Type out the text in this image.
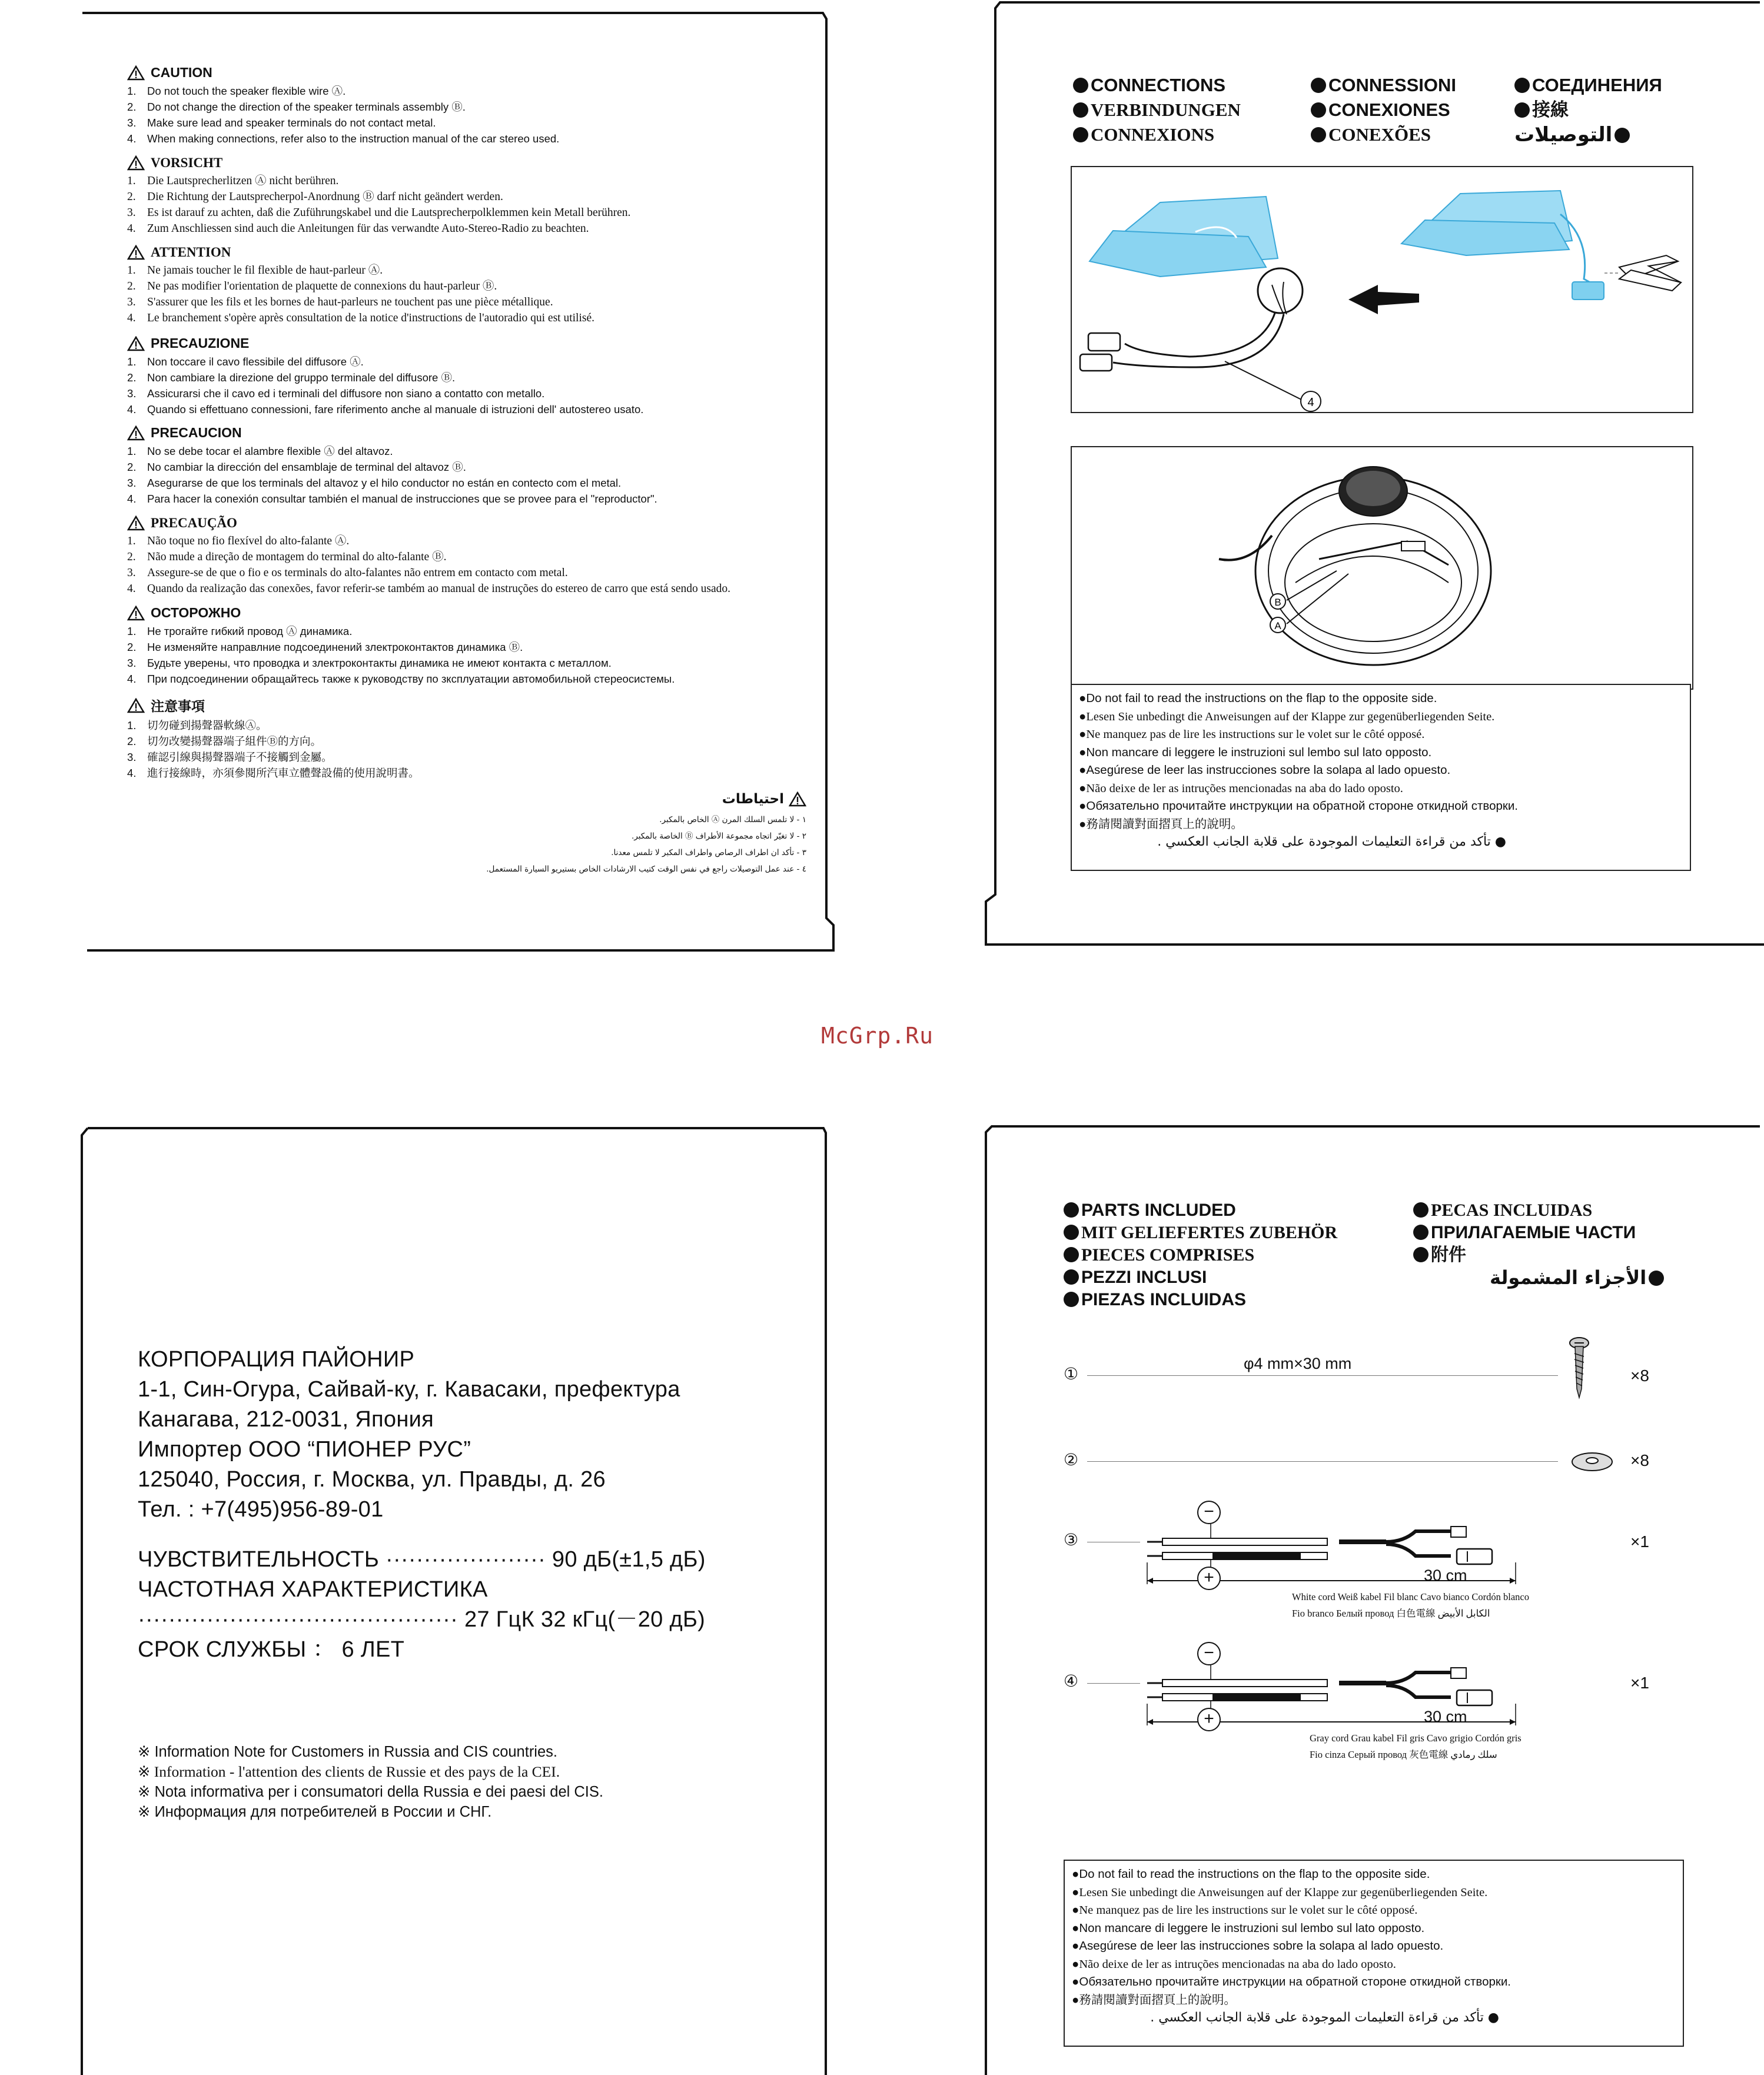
McGrp.Ru
CAUTION
1.	Do not touch the speaker flexible wire Ⓐ.
2.	Do not change the direction of the speaker terminals assembly Ⓑ.
3.	Make sure lead and speaker terminals do not contact metal.
4.	When making connections, refer also to the instruction manual of the car stereo used.
VORSICHT
1. Die Lautsprecherlitzen Ⓐ nicht berühren.
2. Die Richtung der Lautsprecherpol-Anordnung Ⓑ darf nicht geändert werden.
3. Es ist darauf zu achten, daß die Zuführungskabel und die Lautsprecherpolklemmen kein Metall berühren.
4. Zum Anschliessen sind auch die Anleitungen für das verwandte Auto-Stereo-Radio zu beachten.
ATTENTION
1. Ne jamais toucher le fil flexible de haut-parleur Ⓐ.
2. Ne pas modifier l'orientation de plaquette de connexions du haut-parleur Ⓑ.
3. S'assurer que les fils et les bornes de haut-parleurs ne touchent pas une pièce métallique.
4. Le branchement s'opère après consultation de la notice d'instructions de l'autoradio qui est utilisé.
PRECAUZIONE
1.	Non toccare il cavo flessibile del diffusore Ⓐ.
2.	Non cambiare la direzione del gruppo terminale del diffusore Ⓑ.
3.	Assicurarsi che il cavo ed i terminali del diffusore non siano a contatto con metallo.
4.	Quando si effettuano connessioni, fare riferimento anche al manuale di istruzioni dell' autostereo usato.
PRECAUCION
1.	No se debe tocar el alambre flexible Ⓐ del altavoz.
2.	No cambiar la dirección del ensamblaje de terminal del altavoz Ⓑ.
3.	Asegurarse de que los terminals del altavoz y el hilo conductor no están en contecto com el metal.
4.	Para hacer la conexión consultar también el manual de instrucciones que se provee para el "reproductor".
PRECAUÇÃO
1. Não toque no fio flexível do alto-falante Ⓐ.
2. Não mude a direção de montagem do terminal do alto-falante Ⓑ.
3. Assegure-se de que o fio e os terminals do alto-falantes não entrem em contacto com metal.
4. Quando da realização das conexões, favor referir-se também ao manual de instruções do estereo de carro que está sendo usado.
ОСТОРОЖНО
1.	Не трогайте гибкий провод Ⓐ динамика.
2.	Не изменяйте направлние подсоединений злектроконтактов динамика Ⓑ.
3.	Будьте уверены, что проводка и злектроконтакты динамика не имеют контакта с металлом.
4.	При подсоединении обращайтесь также к руководству по зксплуатации автомобильной стереосистемы.
注意事項
1.	切勿碰到揚聲器軟線Ⓐ。
2.	切勿改變揚聲器端子組件Ⓑ的方向。
3.	確認引線與揚聲器端子不接觸到金屬。
4.	進行接線時，亦須參閱所汽車立體聲設備的使用說明書。
احتياطات
١ - لا تلمس السلك المرن Ⓐ الخاص بالمكبر.
٢ - لا تغيّر اتجاه مجموعة الأطراف Ⓑ الخاصة بالمكبر.
٣ - تأكد ان اطراف الرصاص واطراف المكبر لا تلمس معدنا.
٤ - عند عمل التوصيلات راجع في نفس الوقت كتيب الارشادات الخاص بستيريو السيارة المستعمل.
CONNECTIONS
VERBINDUNGEN
CONNEXIONS
CONNESSIONI
CONEXIONES
CONEXÕES
СОЕДИНЕНИЯ
接線
التوصيلات
4
B
A
●Do not fail to read the instructions on the flap to the opposite side.
●Lesen Sie unbedingt die Anweisungen auf der Klappe zur gegenüberliegenden Seite.
●Ne manquez pas de lire les instructions sur le volet sur le côté opposé.
●Non mancare di leggere le instruzioni sul lembo sul lato opposto.
●Asegúrese de leer las instrucciones sobre la solapa al lado opuesto.
●Não deixe de ler as intruções mencionadas na aba do lado oposto.
●Обязательно прочитайте инструкции на обратной стороне откидной створки.
●務請閱讀對面摺頁上的說明。
● تأكد من قراءة التعليمات الموجودة على قلابة الجانب العكسي .
КОРПОРАЦИЯ ПАЙОНИР
1-1, Син-Огура, Сайвай-ку, г. Кавасаки, префектура
Канагава, 212-0031, Япония
Импортер ООО “ПИОНЕР РУС”
125040, Россия, г. Москва, ул. Правды, д. 26
Тел. : +7(495)956-89-01
ЧУВСТВИТЕЛЬНОСТЬ ····················· 90 дБ(±1,5 дБ)
ЧАСТОТНАЯ ХАРАКТЕРИСТИКА
·········································· 27 ГцК 32 кГц(－20 дБ)
СРОК СЛУЖБЫ ： 6 ЛЕТ
※ Information Note for Customers in Russia and CIS countries.
※ Information - l'attention des clients de Russie et des pays de la CEI.
※ Nota informativa per i consumatori della Russia e dei paesi del CIS.
※ Информация для потребителей в России и СНГ.
PARTS INCLUDED
MIT GELIEFERTES ZUBEHÖR
PIECES COMPRISES
PEZZI INCLUSI
PIEZAS INCLUIDAS
PECAS INCLUIDAS
ПРИЛАГАЕМЫЕ ЧАСТИ
附件
الأجزاء المشمولة
①
φ4 mm×30 mm
×8
②	×8
③
−
+	30 cm
White cord Weiß kabel Fil blanc Cavo bianco Cordón blanco
Fio branco Белый провод 白色電線 الكابل الأبيض
×1
④
−
+	30 cm
Gray cord Grau kabel Fil gris Cavo grigio Cordón gris
Fio cinza Серый провод 灰色電線 سلك رمادي
×1
●Do not fail to read the instructions on the flap to the opposite side.
●Lesen Sie unbedingt die Anweisungen auf der Klappe zur gegenüberliegenden Seite.
●Ne manquez pas de lire les instructions sur le volet sur le côté opposé.
●Non mancare di leggere le instruzioni sul lembo sul lato opposto.
●Asegúrese de leer las instrucciones sobre la solapa al lado opuesto.
●Não deixe de ler as intruções mencionadas na aba do lado oposto.
●Обязательно прочитайте инструкции на обратной стороне откидной створки.
●務請閱讀對面摺頁上的說明。
● تأكد من قراءة التعليمات الموجودة على قلابة الجانب العكسي .
